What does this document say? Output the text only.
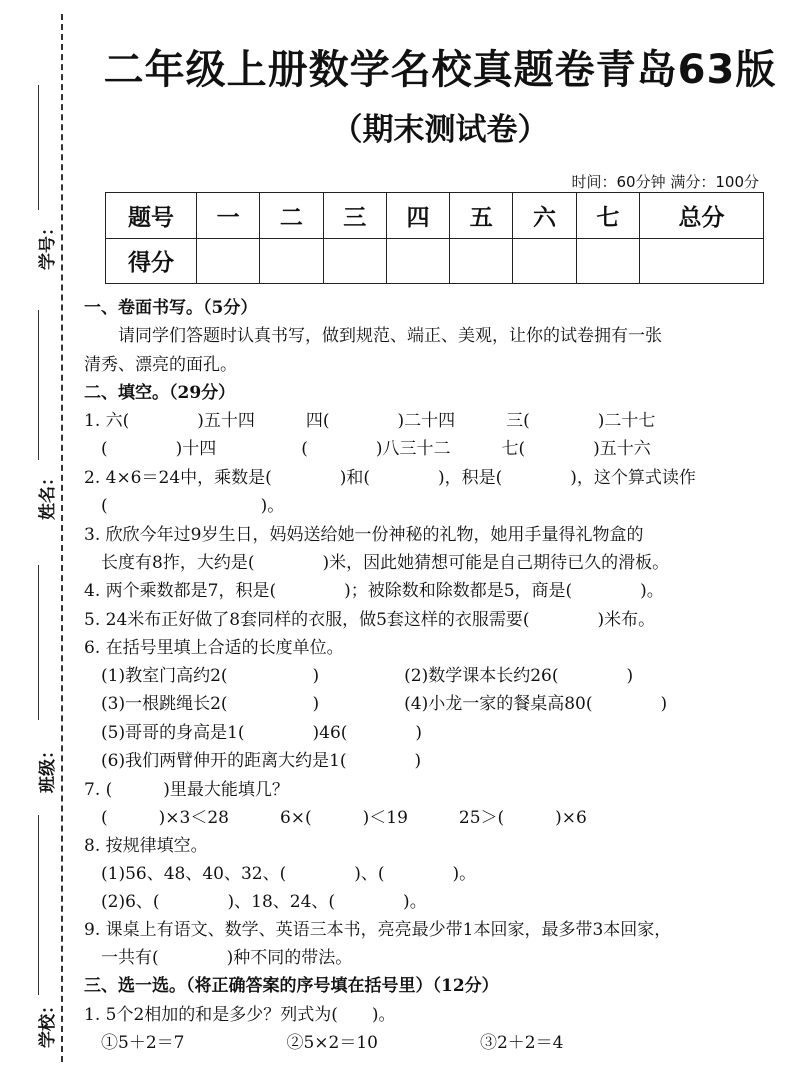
学号：
姓名：
班级：
学校：
二年级上册数学名校真题卷青岛63版
（期末测试卷）
时间：60分钟 满分：100分
题号	一	二	三	四	五	六	七	总分
得分								
一、卷面书写。（5分）
　　请同学们答题时认真书写，做到规范、端正、美观，让你的试卷拥有一张
清秀、漂亮的面孔。
二、填空。（29分）
1. 六(　　　　)五十四　　　四(　　　　)二十四　　　三(　　　　)二十七
　(　　　　)十四　　　　　(　　　　)八三十二　　　七(　　　　)五十六
2. 4×6＝24中，乘数是(　　　　)和(　　　　)，积是(　　　　)，这个算式读作
　(　　　　　　　　　)。
3. 欣欣今年过9岁生日，妈妈送给她一份神秘的礼物，她用手量得礼物盒的
　长度有8拃，大约是(　　　　)米，因此她猜想可能是自己期待已久的滑板。
4. 两个乘数都是7，积是(　　　　)；被除数和除数都是5，商是(　　　　)。
5. 24米布正好做了8套同样的衣服，做5套这样的衣服需要(　　　　)米布。
6. 在括号里填上合适的长度单位。
　(1)教室门高约2(　　　　　)　　　　　(2)数学课本长约26(　　　　)
　(3)一根跳绳长2(　　　　　)　　　　　(4)小龙一家的餐桌高80(　　　　)
　(5)哥哥的身高是1(　　　　)46(　　　　)
　(6)我们两臂伸开的距离大约是1(　　　　)
7. (　　　)里最大能填几？
　(　　　)×3＜28　　　6×(　　　)＜19　　　25＞(　　　)×6
8. 按规律填空。
　(1)56、48、40、32、(　　　　)、(　　　　)。
　(2)6、(　　　　)、18、24、(　　　　)。
9. 课桌上有语文、数学、英语三本书，亮亮最少带1本回家，最多带3本回家，
　一共有(　　　　)种不同的带法。
三、选一选。（将正确答案的序号填在括号里）（12分）
1. 5个2相加的和是多少？列式为(　　)。
　①5＋2＝7　　　　　　②5×2＝10　　　　　　③2＋2＝4
